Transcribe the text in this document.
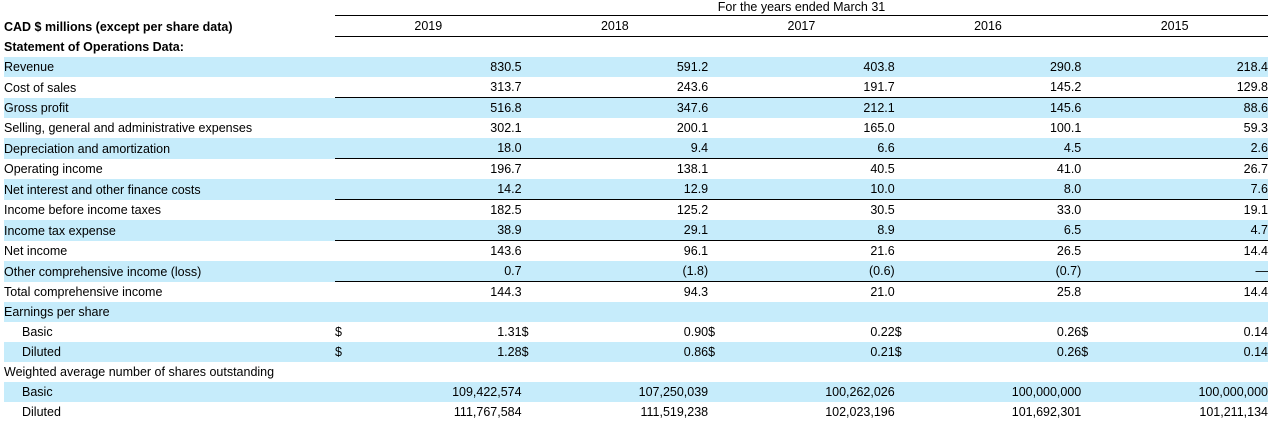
	For the years ended March 31									

CAD $ millions (except per share data)	2019		2018		2017		2016		2015	
Statement of Operations Data:										
Revenue		830.5		591.2		403.8		290.8		218.4
Cost of sales		313.7		243.6		191.7		145.2		129.8
Gross profit		516.8		347.6		212.1		145.6		88.6
Selling, general and administrative expenses		302.1		200.1		165.0		100.1		59.3
Depreciation and amortization		18.0		9.4		6.6		4.5		2.6
Operating income		196.7		138.1		40.5		41.0		26.7
Net interest and other finance costs		14.2		12.9		10.0		8.0		7.6
Income before income taxes		182.5		125.2		30.5		33.0		19.1
Income tax expense		38.9		29.1		8.9		6.5		4.7
Net income		143.6		96.1		21.6		26.5		14.4
Other comprehensive income (loss)		0.7		(1.8)		(0.6)		(0.7)		—
Total comprehensive income		144.3		94.3		21.0		25.8		14.4
Earnings per share										
Basic	$	1.31	$	0.90	$	0.22	$	0.26	$	0.14
Diluted	$	1.28	$	0.86	$	0.21	$	0.26	$	0.14
Weighted average number of shares outstanding										
Basic		109,422,574		107,250,039		100,262,026		100,000,000		100,000,000
Diluted		111,767,584		111,519,238		102,023,196		101,692,301		101,211,134
